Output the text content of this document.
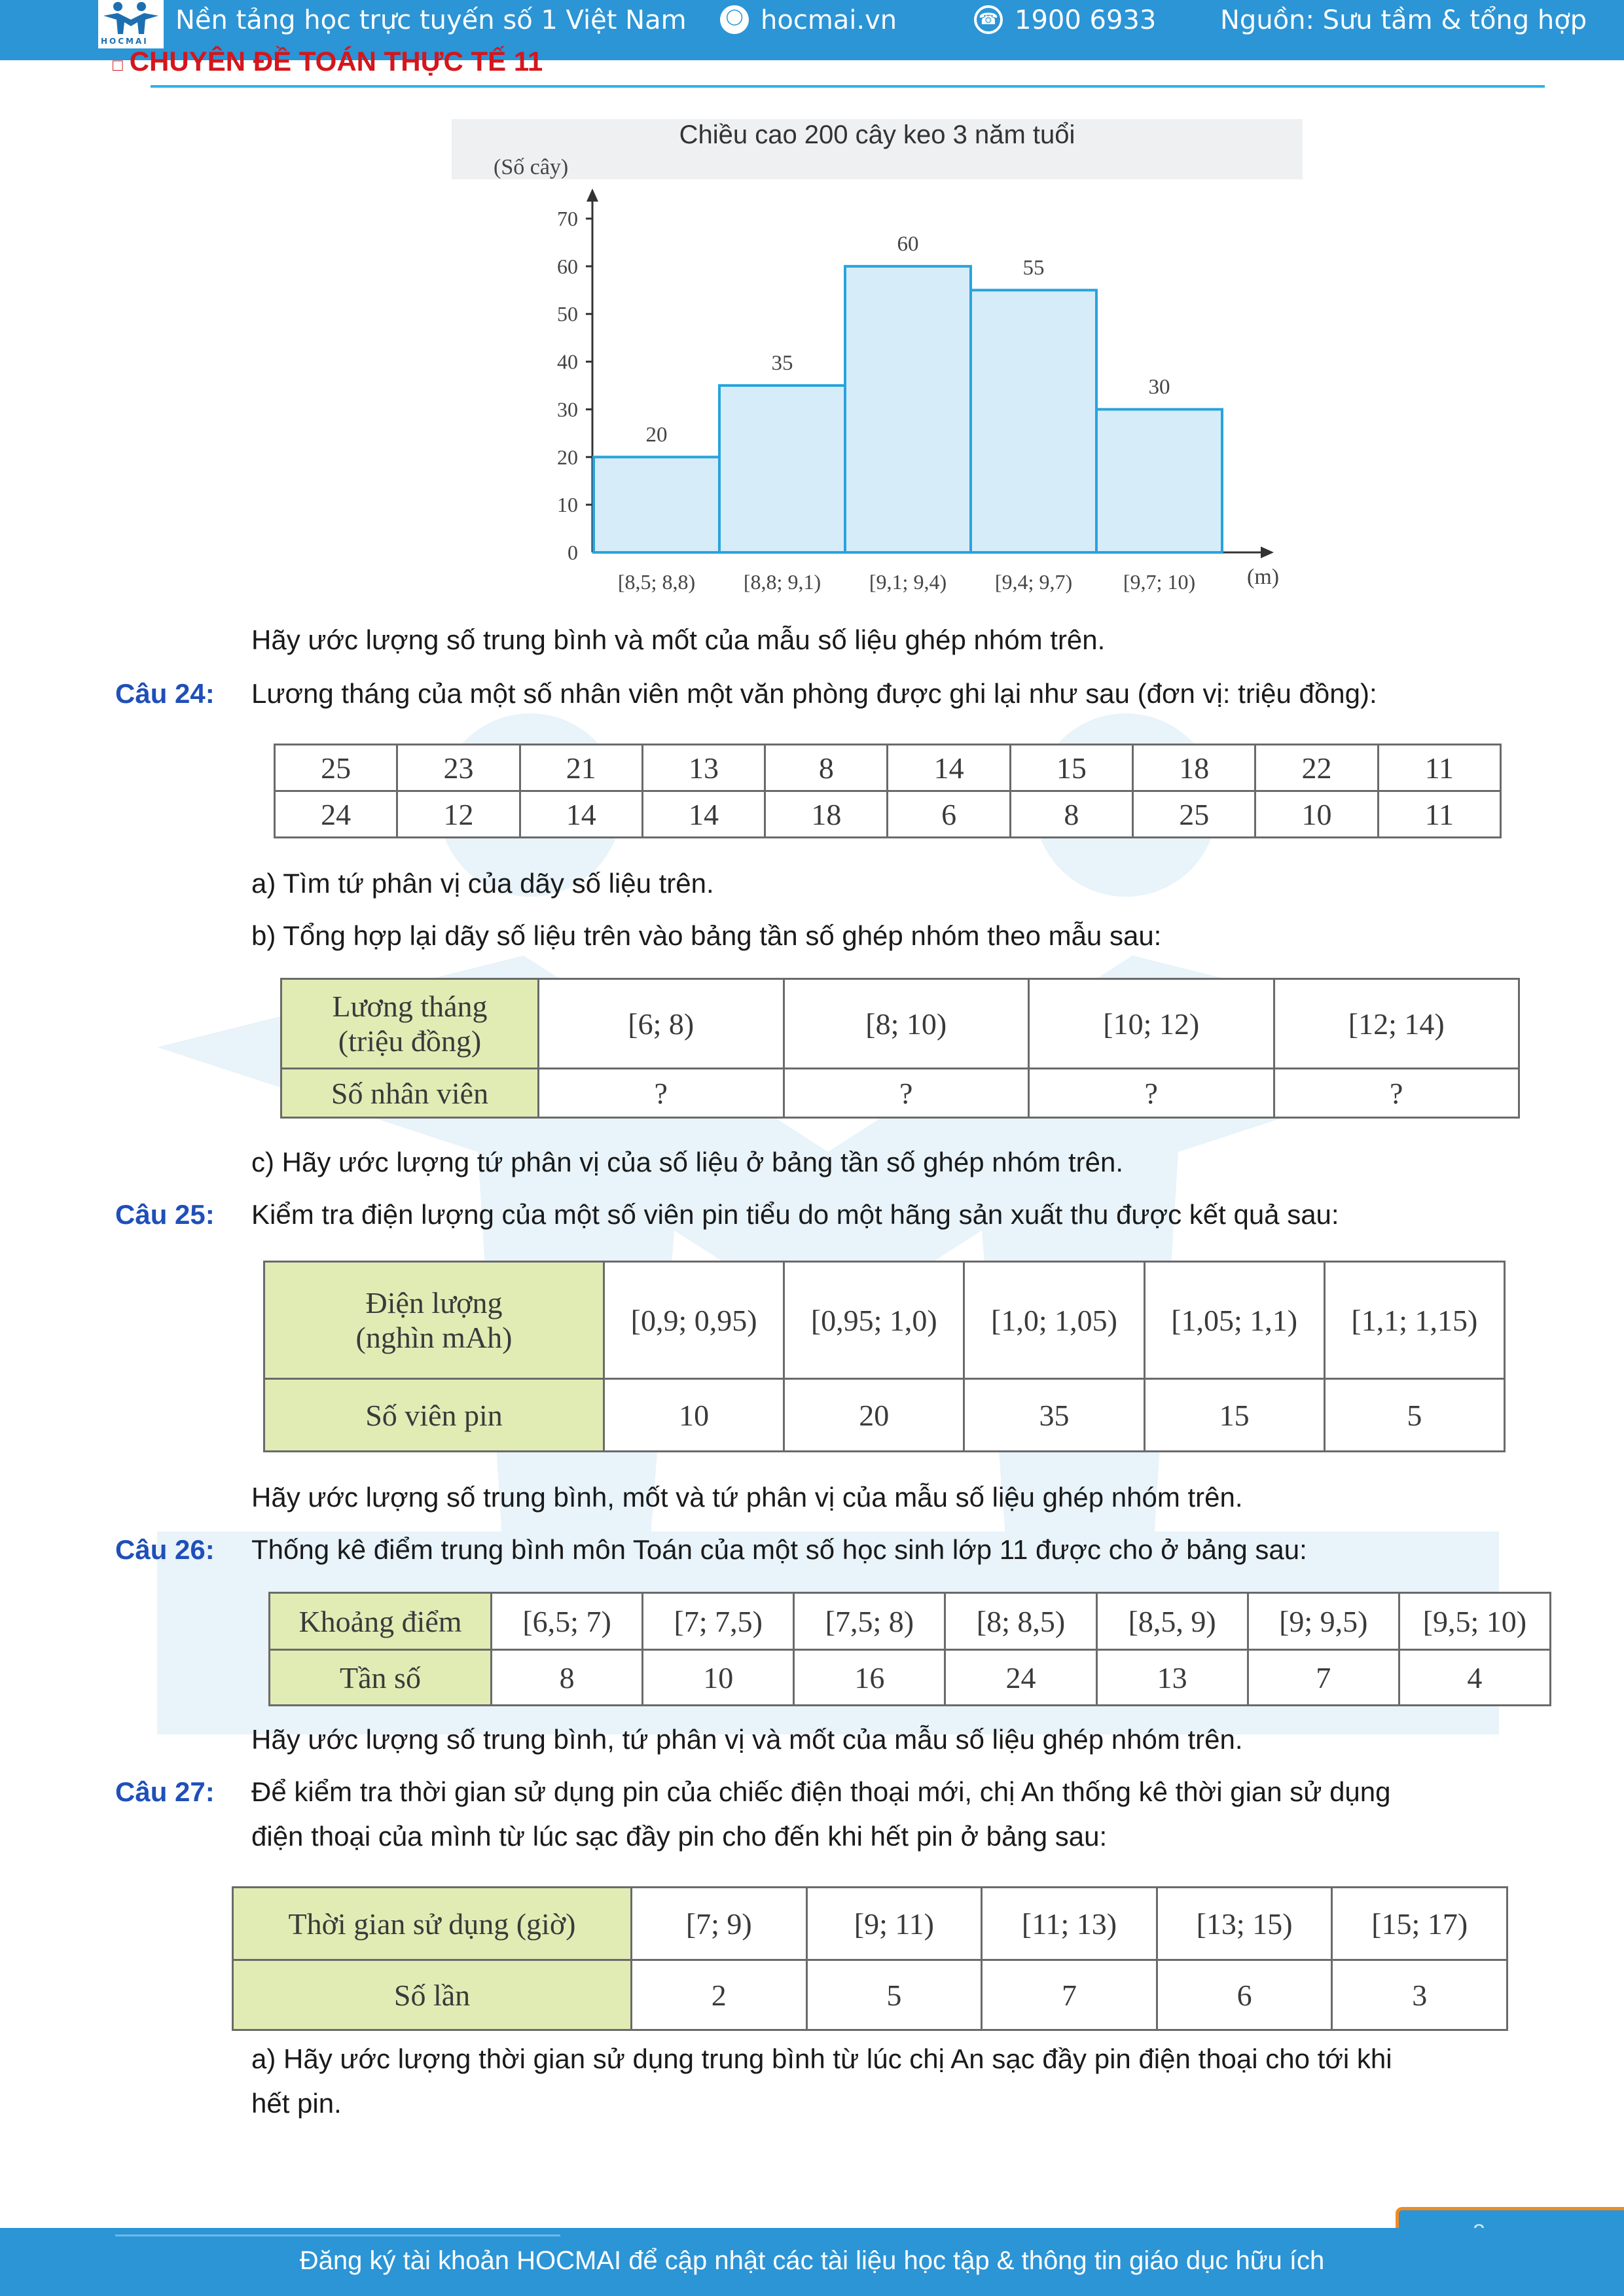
HOCMAI
Nền tảng học trực tuyến số 1 Việt Nam	◯ hocmai.vn	☎ 1900 6933 Nguồn: Sưu tầm & tổng hợp
□ CHUYÊN ĐỀ TOÁN THỰC TẾ 11
Chiều cao 200 cây keo 3 năm tuổi
(Số cây)
(m)
0
10
20
30
40
50
60
70
20
[8,5; 8,8)
35
[8,8; 9,1)
60
[9,1; 9,4)
55
[9,4; 9,7)
30
[9,7; 10)
Hãy ước lượng số trung bình và mốt của mẫu số liệu ghép nhóm trên.
Câu 24: Lương tháng của một số nhân viên một văn phòng được ghi lại như sau (đơn vị: triệu đồng):
25	23	21	13	8	14	15	18	22	11
24	12	14	14	18	6	8	25	10	11
a) Tìm tứ phân vị của dãy số liệu trên.
b) Tổng hợp lại dãy số liệu trên vào bảng tần số ghép nhóm theo mẫu sau:
Lương tháng
(triệu đồng)	[6; 8)	[8; 10)	[10; 12)	[12; 14)
Số nhân viên	?	?	?	?
c) Hãy ước lượng tứ phân vị của số liệu ở bảng tần số ghép nhóm trên.
Câu 25: Kiểm tra điện lượng của một số viên pin tiểu do một hãng sản xuất thu được kết quả sau:
Điện lượng
(nghìn mAh)	[0,9; 0,95)	[0,95; 1,0)	[1,0; 1,05)	[1,05; 1,1)	[1,1; 1,15)
Số viên pin	10	20	35	15	5
Hãy ước lượng số trung bình, mốt và tứ phân vị của mẫu số liệu ghép nhóm trên.
Câu 26: Thống kê điểm trung bình môn Toán của một số học sinh lớp 11 được cho ở bảng sau:
Khoảng điểm	[6,5; 7)	[7; 7,5)	[7,5; 8)	[8; 8,5)	[8,5, 9)	[9; 9,5)	[9,5; 10)
Tần số	8	10	16	24	13	7	4
Hãy ước lượng số trung bình, tứ phân vị và mốt của mẫu số liệu ghép nhóm trên.
Câu 27: Để kiểm tra thời gian sử dụng pin của chiếc điện thoại mới, chị An thống kê thời gian sử dụng
điện thoại của mình từ lúc sạc đầy pin cho đến khi hết pin ở bảng sau:
Thời gian sử dụng (giờ)	[7; 9)	[9; 11)	[11; 13)	[13; 15)	[15; 17)
Số lần	2	5	7	6	3
a) Hãy ước lượng thời gian sử dụng trung bình từ lúc chị An sạc đầy pin điện thoại cho tới khi
hết pin.
Đăng ký tài khoản HOCMAI để cập nhật các tài liệu học tập & thông tin giáo dục hữu ích
